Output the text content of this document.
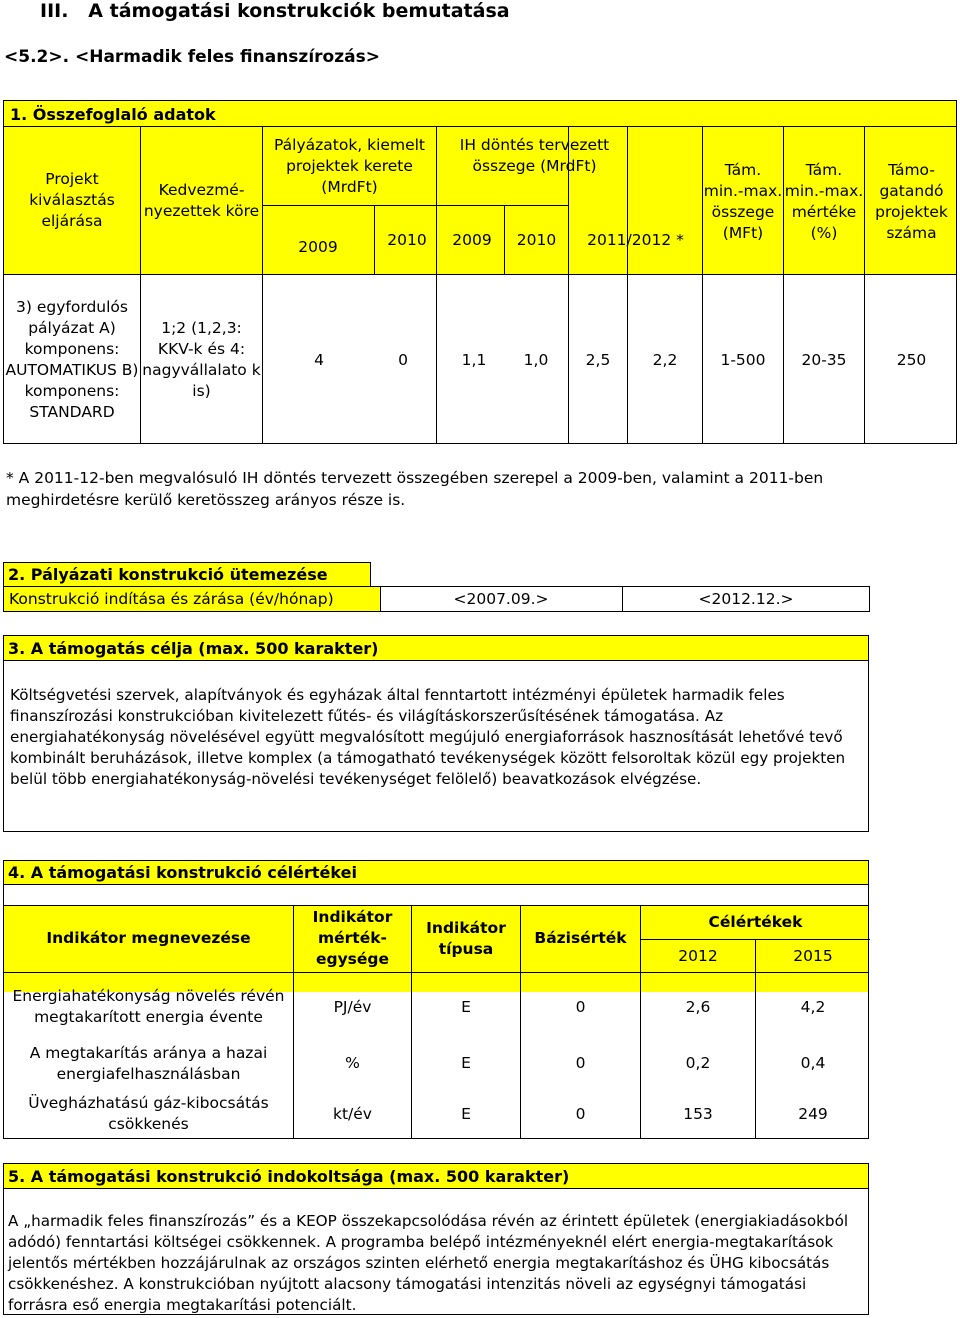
III. A támogatási konstrukciók bemutatása
<5.2>. <Harmadik feles finanszírozás>
1. Összefoglaló adatok
Projekt kiválasztás eljárása
Kedvezmé-nyezettek köre
Pályázatok, kiemelt projektek kerete (MrdFt)
IH döntés tervezett összege (MrdFt)
2009	2010	2009	2010	2011/2012 *
Tám. min.-max. összege (MFt)
Tám. min.-max. mértéke (%)
Támo-gatandó projektek száma
3) egyfordulós pályázat A) komponens: AUTOMATIKUS B) komponens: STANDARD
1;2 (1,2,3: KKV-k és 4: nagyvállalato k is)
4	0	1,1	1,0	2,5	2,2	1-500	20-35	250
* A 2011-12-ben megvalósuló IH döntés tervezett összegében szerepel a 2009-ben, valamint a 2011-ben meghirdetésre kerülő keretösszeg arányos része is.
2. Pályázati konstrukció ütemezése
Konstrukció indítása és zárása (év/hónap)	<2007.09.>	<2012.12.>
3. A támogatás célja (max. 500 karakter)
Költségvetési szervek, alapítványok és egyházak által fenntartott intézményi épületek harmadik feles finanszírozási konstrukcióban kivitelezett fűtés- és világításkorszerűsítésének támogatása. Az energiahatékonyság növelésével együtt megvalósított megújuló energiaforrások hasznosítását lehetővé tevő kombinált beruházások, illetve komplex (a támogatható tevékenységek között felsoroltak közül egy projekten belül több energiahatékonyság-növelési tevékenységet felölelő) beavatkozások elvégzése.
4. A támogatási konstrukció célértékei
Indikátor megnevezése
Indikátor mérték-egysége
Indikátor típusa
Bázisérték
Célértékek
2012	2015
Energiahatékonyság növelés révén megtakarított energia évente
PJ/év	E	0	2,6	4,2
A megtakarítás aránya a hazai energiafelhasználásban
%	E	0	0,2	0,4
Üvegházhatású gáz-kibocsátás csökkenés
kt/év	E	0	153	249
5. A támogatási konstrukció indokoltsága (max. 500 karakter)
A „harmadik feles finanszírozás” és a KEOP összekapcsolódása révén az érintett épületek (energiakiadásokból adódó) fenntartási költségei csökkennek. A programba belépő intézményeknél elért energia-megtakarítások jelentős mértékben hozzájárulnak az országos szinten elérhető energia megtakarításhoz és ÜHG kibocsátás csökkenéshez. A konstrukcióban nyújtott alacsony támogatási intenzitás növeli az egységnyi támogatási forrásra eső energia megtakarítási potenciált.
